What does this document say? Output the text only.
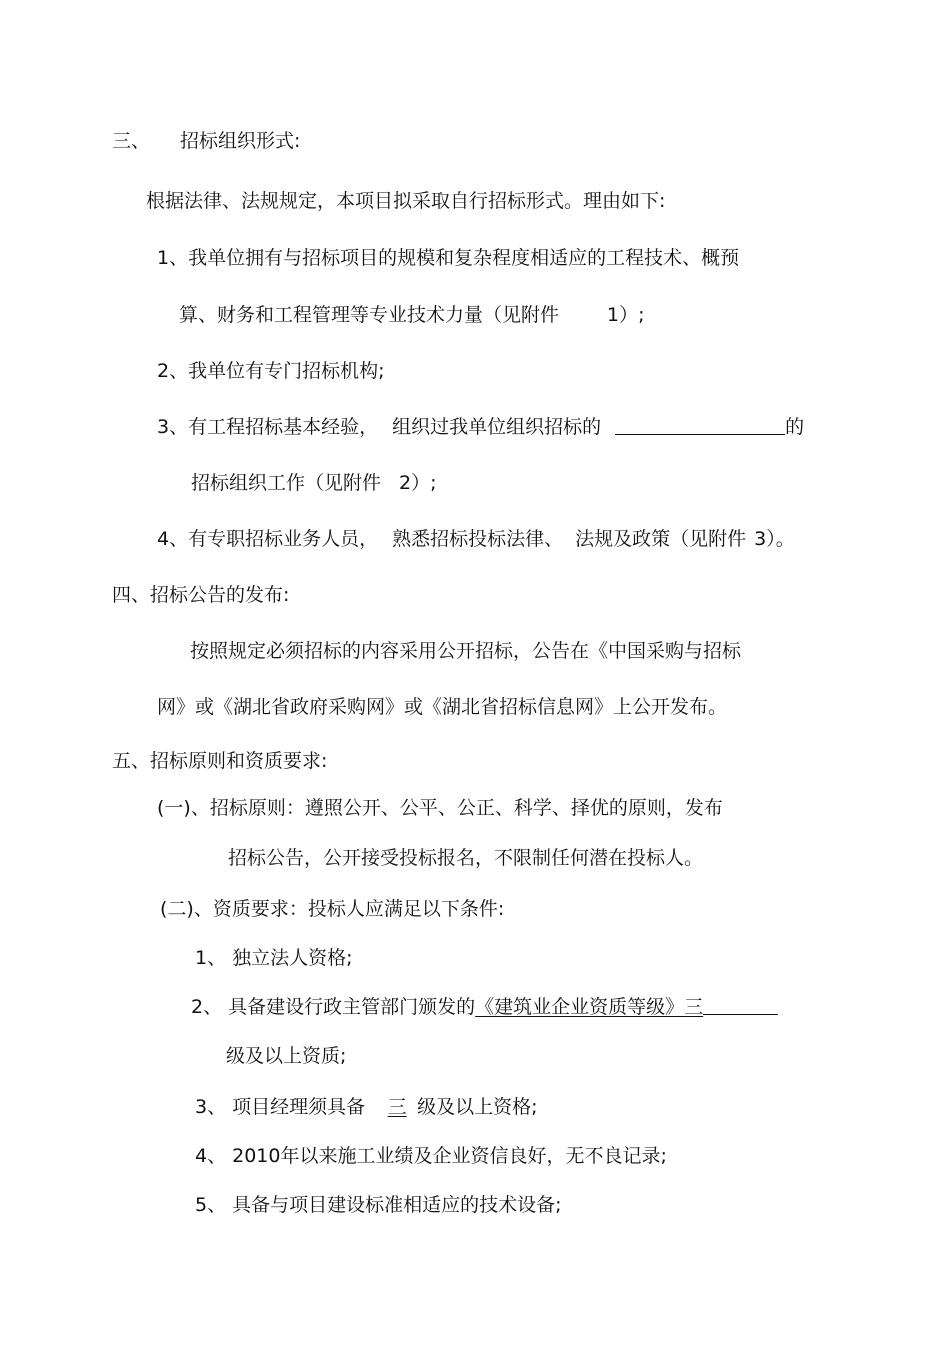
三、 招标组织形式:
根据法律、法规规定，本项目拟采取自行招标形式。理由如下:
1、我单位拥有与招标项目的规模和复杂程度相适应的工程技术、概预
算、财务和工程管理等专业技术力量（见附件	1）;
2、我单位有专门招标机构;
3、有工程招标基本经验， 组织过我单位组织招标的	的
招标组织工作（见附件 2）;
4、有专职招标业务人员， 熟悉招标投标法律、 法规及政策（见附件 3）。
四、招标公告的发布:
按照规定必须招标的内容采用公开招标，公告在《中国采购与招标
网》或《湖北省政府采购网》或《湖北省招标信息网》上公开发布。
五、招标原则和资质要求:
(一)、招标原则：遵照公开、公平、公正、科学、择优的原则，发布
招标公告，公开接受投标报名，不限制任何潜在投标人。
(二)、资质要求：投标人应满足以下条件:
1、 独立法人资格;
2、 具备建设行政主管部门颁发的《建筑业企业资质等级》三
级及以上资质;
3、 项目经理须具备 三 级及以上资格;
4、 2010年以来施工业绩及企业资信良好，无不良记录;
5、 具备与项目建设标准相适应的技术设备;
